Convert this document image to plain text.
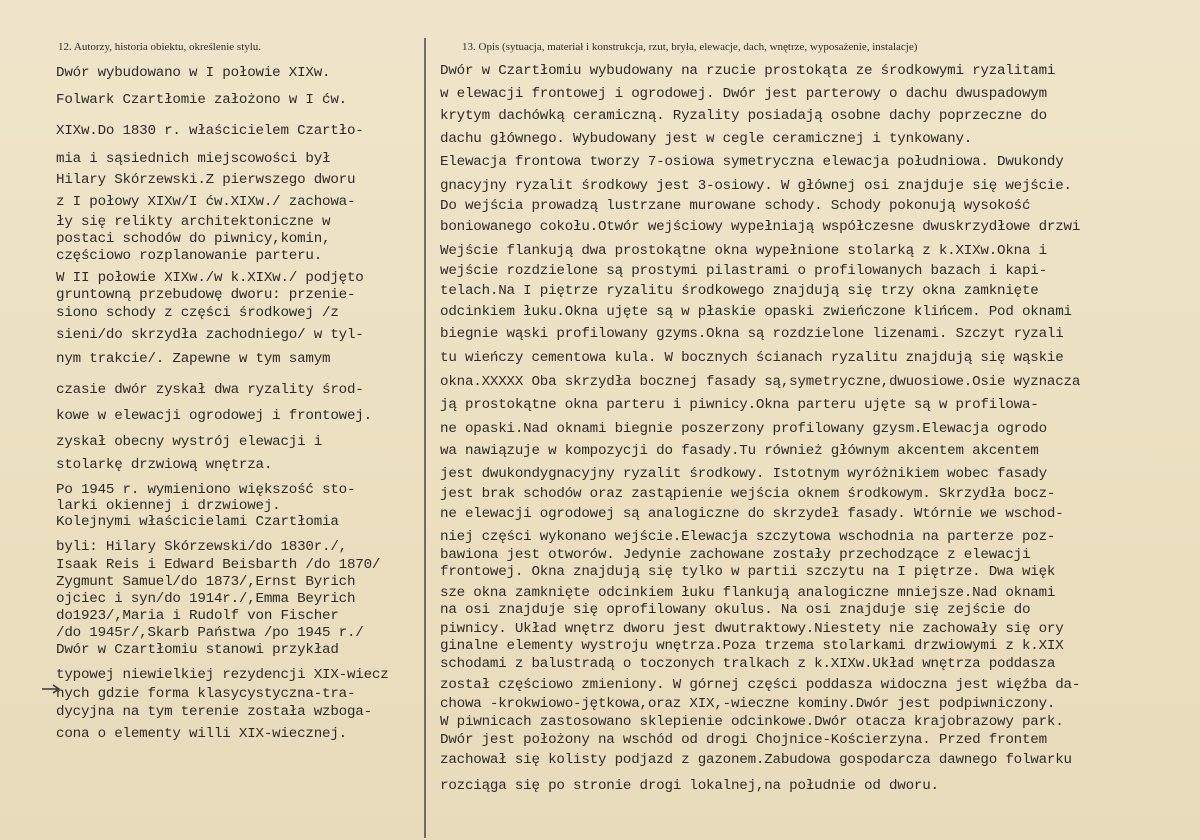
12. Autorzy, historia obiektu, określenie stylu.	13. Opis (sytuacja, materiał i konstrukcja, rzut, bryła, elewacje, dach, wnętrze, wyposażenie, instalacje)
Dwór wybudowano w I połowie XIXw.
Folwark Czartłomie założono w I ćw.
XIXw.Do 1830 r. właścicielem Czartło-
mia i sąsiednich miejscowości był
Hilary Skórzewski.Z pierwszego dworu
z I połowy XIXw/I ćw.XIXw./ zachowa-
ły się relikty architektoniczne w
postaci schodów do piwnicy,komin,
częściowo rozplanowanie parteru.
W II połowie XIXw./w k.XIXw./ podjęto
gruntowną przebudowę dworu: przenie-
siono schody z części środkowej /z
sieni/do skrzydła zachodniego/ w tyl-
nym trakcie/. Zapewne w tym samym
czasie dwór zyskał dwa ryzality środ-
kowe w elewacji ogrodowej i frontowej.
zyskał obecny wystrój elewacji i
stolarkę drzwiową wnętrza.
Po 1945 r. wymieniono większość sto-
larki okiennej i drzwiowej.
Kolejnymi właścicielami Czartłomia
byli: Hilary Skórzewski/do 1830r./,
Isaak Reis i Edward Beisbarth /do 1870/
Zygmunt Samuel/do 1873/,Ernst Byrich
ojciec i syn/do 1914r./,Emma Beyrich
do1923/,Maria i Rudolf von Fischer
/do 1945r/,Skarb Państwa /po 1945 r./
Dwór w Czartłomiu stanowi przykład
typowej niewielkiej rezydencji XIX-wiecz
nych gdzie forma klasycystyczna-tra-
dycyjna na tym terenie została wzboga-
cona o elementy willi XIX-wiecznej.
Dwór w Czartłomiu wybudowany na rzucie prostokąta ze środkowymi ryzalitami
w elewacji frontowej i ogrodowej. Dwór jest parterowy o dachu dwuspadowym
krytym dachówką ceramiczną. Ryzality posiadają osobne dachy poprzeczne do
dachu głównego. Wybudowany jest w cegle ceramicznej i tynkowany.
Elewacja frontowa tworzy 7-osiowa symetryczna elewacja południowa. Dwukondy
gnacyjny ryzalit środkowy jest 3-osiowy. W głównej osi znajduje się wejście.
Do wejścia prowadzą lustrzane murowane schody. Schody pokonują wysokość
boniowanego cokołu.Otwór wejściowy wypełniają współczesne dwuskrzydłowe drzwi
Wejście flankują dwa prostokątne okna wypełnione stolarką z k.XIXw.Okna i
wejście rozdzielone są prostymi pilastrami o profilowanych bazach i kapi-
telach.Na I piętrze ryzalitu środkowego znajdują się trzy okna zamknięte
odcinkiem łuku.Okna ujęte są w płaskie opaski zwieńczone klińcem. Pod oknami
biegnie wąski profilowany gzyms.Okna są rozdzielone lizenami. Szczyt ryzali
tu wieńczy cementowa kula. W bocznych ścianach ryzalitu znajdują się wąskie
okna.XXXXX Oba skrzydła bocznej fasady są,symetryczne,dwuosiowe.Osie wyznacza
ją prostokątne okna parteru i piwnicy.Okna parteru ujęte są w profilowa-
ne opaski.Nad oknami biegnie poszerzony profilowany gzysm.Elewacja ogrodo
wa nawiązuje w kompozycji do fasady.Tu również głównym akcentem akcentem
jest dwukondygnacyjny ryzalit środkowy. Istotnym wyróżnikiem wobec fasady
jest brak schodów oraz zastąpienie wejścia oknem środkowym. Skrzydła bocz-
ne elewacji ogrodowej są analogiczne do skrzydeł fasady. Wtórnie we wschod-
niej części wykonano wejście.Elewacja szczytowa wschodnia na parterze poz-
bawiona jest otworów. Jedynie zachowane zostały przechodzące z elewacji
frontowej. Okna znajdują się tylko w partii szczytu na I piętrze. Dwa więk
sze okna zamknięte odcinkiem łuku flankują analogiczne mniejsze.Nad oknami
na osi znajduje się oprofilowany okulus. Na osi znajduje się zejście do
piwnicy. Układ wnętrz dworu jest dwutraktowy.Niestety nie zachowały się ory
ginalne elementy wystroju wnętrza.Poza trzema stolarkami drzwiowymi z k.XIX
schodami z balustradą o toczonych tralkach z k.XIXw.Układ wnętrza poddasza
został częściowo zmieniony. W górnej części poddasza widoczna jest więźba da-
chowa -krokwiowo-jętkowa,oraz XIX,-wieczne kominy.Dwór jest podpiwniczony.
W piwnicach zastosowano sklepienie odcinkowe.Dwór otacza krajobrazowy park.
Dwór jest położony na wschód od drogi Chojnice-Kościerzyna. Przed frontem
zachował się kolisty podjazd z gazonem.Zabudowa gospodarcza dawnego folwarku
rozciąga się po stronie drogi lokalnej,na południe od dworu.
